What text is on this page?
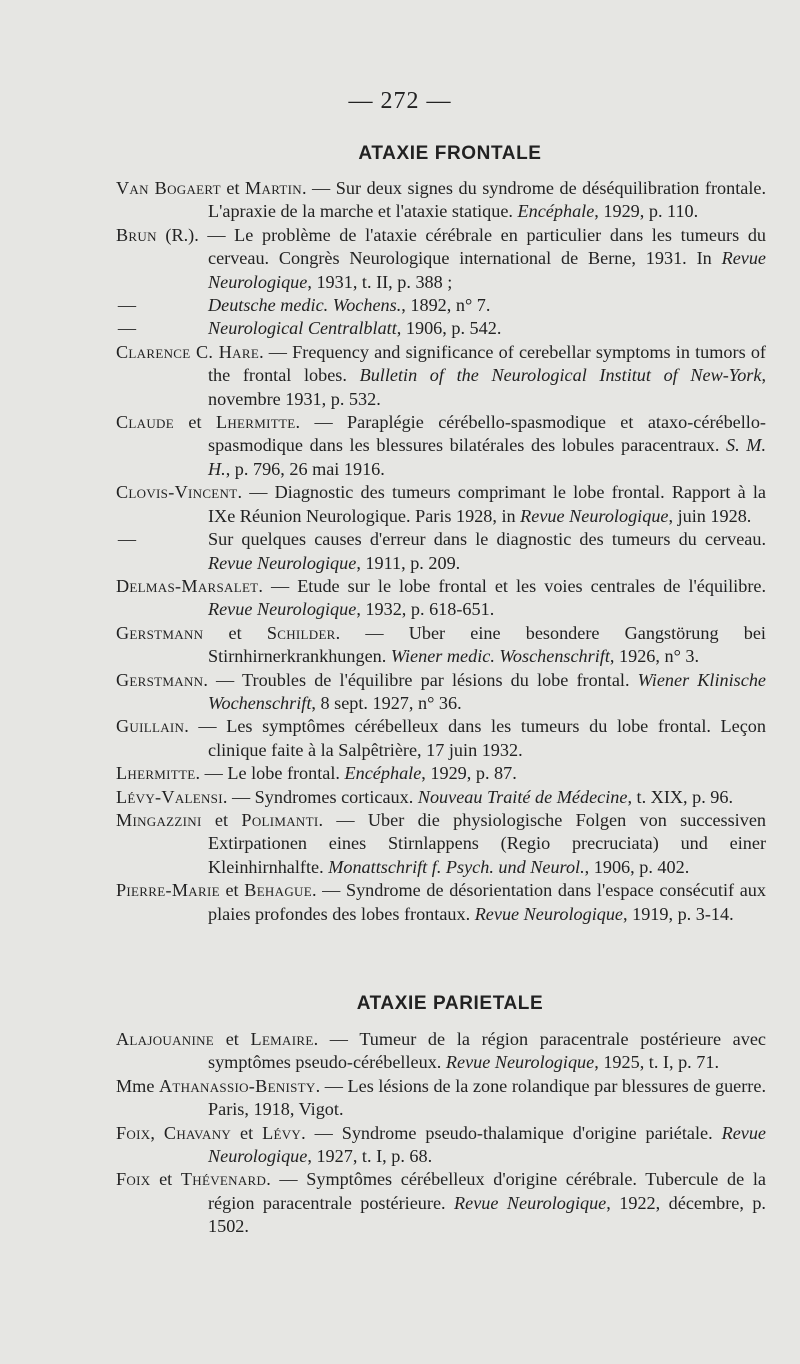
— 272 —
ATAXIE FRONTALE
Van Bogaert et Martin. — Sur deux signes du syndrome de déséquilibration frontale. L'apraxie de la marche et l'ataxie statique. Encéphale, 1929, p. 110.
Brun (R.). — Le problème de l'ataxie cérébrale en particulier dans les tumeurs du cerveau. Congrès Neurologique international de Berne, 1931. In Revue Neurologique, 1931, t. II, p. 388 ;
—	Deutsche medic. Wochens., 1892, n° 7.
—	Neurological Centralblatt, 1906, p. 542.
Clarence C. Hare. — Frequency and significance of cerebellar symptoms in tumors of the frontal lobes. Bulletin of the Neurological Institut of New-York, novembre 1931, p. 532.
Claude et Lhermitte. — Paraplégie cérébello-spasmodique et ataxo-cérébello-spasmodique dans les blessures bilatérales des lobules paracentraux. S. M. H., p. 796, 26 mai 1916.
Clovis-Vincent. — Diagnostic des tumeurs comprimant le lobe frontal. Rapport à la IXe Réunion Neurologique. Paris 1928, in Revue Neurologique, juin 1928.
—	Sur quelques causes d'erreur dans le diagnostic des tumeurs du cerveau. Revue Neurologique, 1911, p. 209.
Delmas-Marsalet. — Etude sur le lobe frontal et les voies centrales de l'équilibre. Revue Neurologique, 1932, p. 618-651.
Gerstmann et Schilder. — Uber eine besondere Gangstörung bei Stirnhirnerkrankhungen. Wiener medic. Woschenschrift, 1926, n° 3.
Gerstmann. — Troubles de l'équilibre par lésions du lobe frontal. Wiener Klinische Wochenschrift, 8 sept. 1927, n° 36.
Guillain. — Les symptômes cérébelleux dans les tumeurs du lobe frontal. Leçon clinique faite à la Salpêtrière, 17 juin 1932.
Lhermitte. — Le lobe frontal. Encéphale, 1929, p. 87.
Lévy-Valensi. — Syndromes corticaux. Nouveau Traité de Médecine, t. XIX, p. 96.
Mingazzini et Polimanti. — Uber die physiologische Folgen von successiven Extirpationen eines Stirnlappens (Regio precruciata) und einer Kleinhirnhalfte. Monattschrift f. Psych. und Neurol., 1906, p. 402.
Pierre-Marie et Behague. — Syndrome de désorientation dans l'espace consécutif aux plaies profondes des lobes frontaux. Revue Neurologique, 1919, p. 3-14.
ATAXIE PARIETALE
Alajouanine et Lemaire. — Tumeur de la région paracentrale postérieure avec symptômes pseudo-cérébelleux. Revue Neurologique, 1925, t. I, p. 71.
Mme Athanassio-Benisty. — Les lésions de la zone rolandique par blessures de guerre. Paris, 1918, Vigot.
Foix, Chavany et Lévy. — Syndrome pseudo-thalamique d'origine pariétale. Revue Neurologique, 1927, t. I, p. 68.
Foix et Thévenard. — Symptômes cérébelleux d'origine cérébrale. Tubercule de la région paracentrale postérieure. Revue Neurologique, 1922, décembre, p. 1502.
